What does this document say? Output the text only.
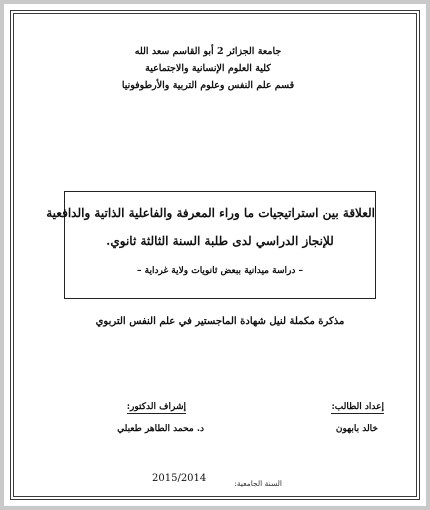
جامعة الجزائر 2 أبو القاسم سعد الله
كلية العلوم الإنسانية والاجتماعية
قسم علم النفس وعلوم التربية والأرطوفونيا
العلاقة بين استراتيجيات ما وراء المعرفة والفاعلية الذاتية والدافعية
للإنجاز الدراسي لدى طلبة السنة الثالثة ثانوي.
– دراسة ميدانية ببعض ثانويات ولاية غرداية –
مذكرة مكملة لنيل شهادة الماجستير في علم النفس التربوي
إعداد الطالب:
خالد بابهون
إشراف الدكتور:
د. محمد الطاهر طعبلي
السنة الجامعية:
2015/2014
